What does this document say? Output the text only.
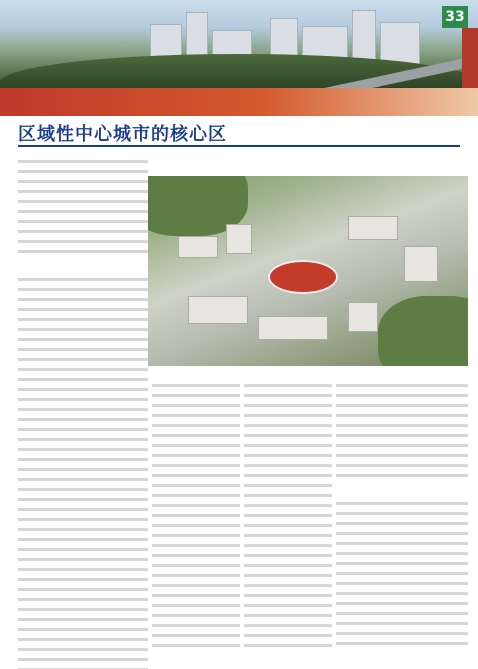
33
区域性中心城市的核心区
